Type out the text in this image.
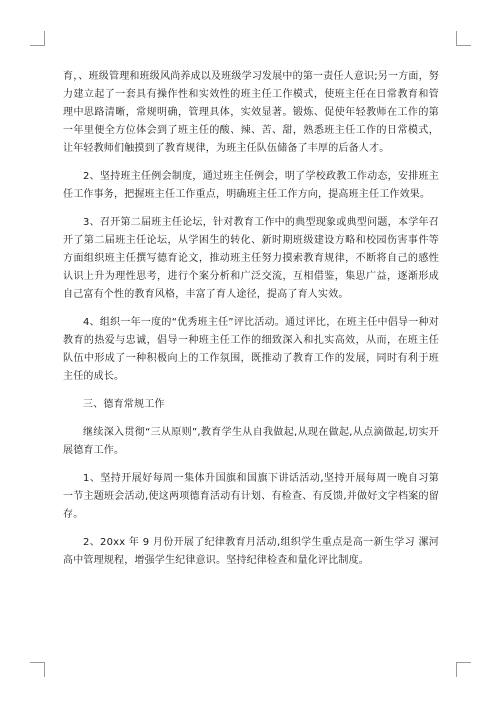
育，、班级管理和班级风尚养成以及班级学习发展中的第一责任人意识;另一方面，努力建立起了一套具有操作性和实效性的班主任工作模式，使班主任在日常教育和管理中思路清晰，常规明确，管理具体，实效显著。锻炼、促使年轻教师在工作的第一年里便全方位体会到了班主任的酸、辣、苦、甜，熟悉班主任工作的日常模式，让年轻教师们触摸到了教育规律，为班主任队伍储备了丰厚的后备人才。

2、坚持班主任例会制度，通过班主任例会，明了学校政教工作动态，安排班主任工作事务，把握班主任工作重点，明确班主任工作方向，提高班主任工作效果。

3、召开第二届班主任论坛，针对教育工作中的典型现象或典型问题，本学年召开了第二届班主任论坛，从学困生的转化、新时期班级建设方略和校园伤害事件等方面组织班主任撰写德育论文，推动班主任努力摸索教育规律，不断将自己的感性认识上升为理性思考，进行个案分析和广泛交流，互相借鉴，集思广益，逐渐形成自己富有个性的教育风格，丰富了育人途径，提高了育人实效。

4、组织一年一度的“优秀班主任”评比活动。通过评比，在班主任中倡导一种对教育的热爱与忠诚，倡导一种班主任工作的细致深入和扎实高效，从而，在班主任队伍中形成了一种积极向上的工作氛围，既推动了教育工作的发展，同时有利于班主任的成长。

三、德育常规工作

继续深入贯彻“三从原则”,教育学生从自我做起,从现在做起,从点滴做起,切实开展德育工作。

1、坚持开展好每周一集体升国旗和国旗下讲话活动,坚持开展每周一晚自习第一节主题班会活动,使这两项德育活动有计划、有检查、有反馈,并做好文字档案的留存。

2、20xx 年 9 月份开展了纪律教育月活动,组织学生重点是高一新生学习 漯河高中管理规程，增强学生纪律意识。坚持纪律检查和量化评比制度。
